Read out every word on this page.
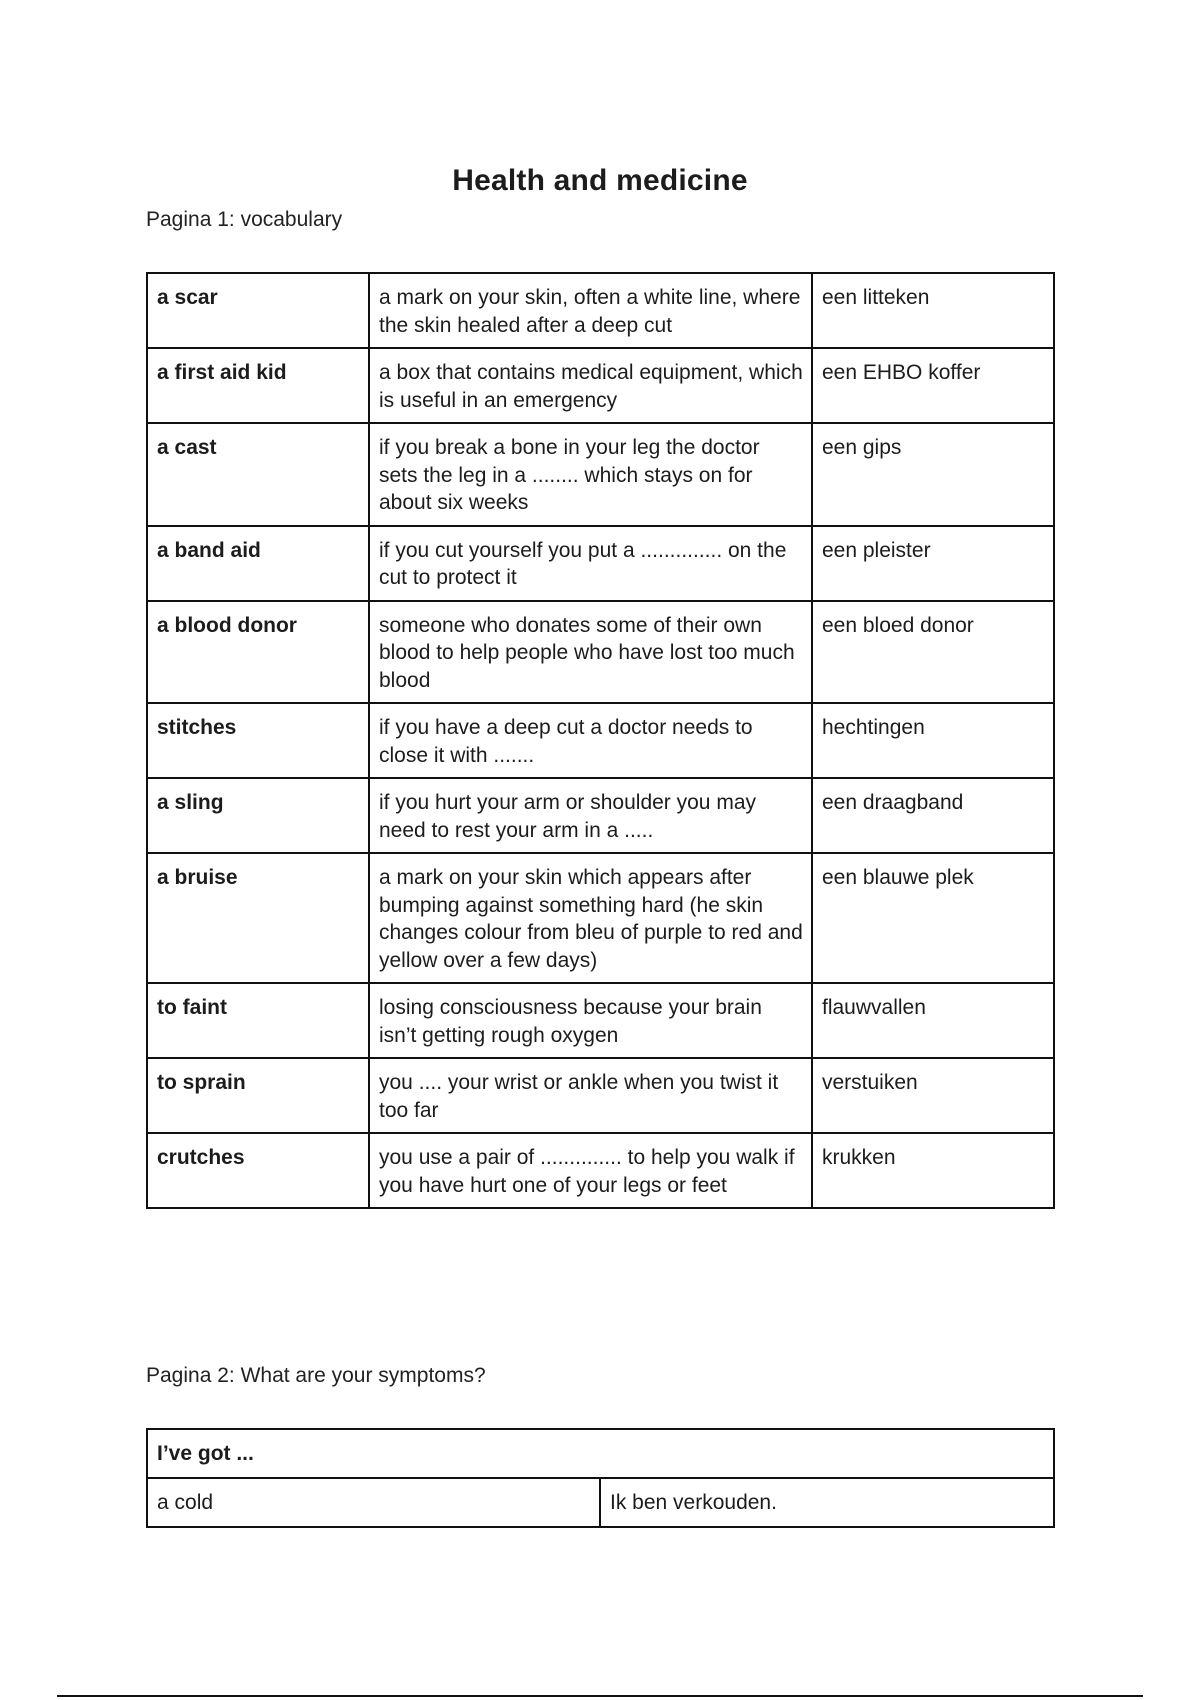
Health and medicine
Pagina 1: vocabulary
a scar	a mark on your skin, often a white line, where the skin healed after a deep cut	een litteken
a first aid kid	a box that contains medical equipment, which is useful in an emergency	een EHBO koffer
a cast	if you break a bone in your leg the doctor sets the leg in a ........ which stays on for about six weeks	een gips
a band aid	if you cut yourself you put a .............. on the cut to protect it	een pleister
a blood donor	someone who donates some of their own blood to help people who have lost too much blood	een bloed donor
stitches	if you have a deep cut a doctor needs to close it with .......	hechtingen
a sling	if you hurt your arm or shoulder you may need to rest your arm in a .....	een draagband
a bruise	a mark on your skin which appears after bumping against something hard (he skin changes colour from bleu of purple to red and yellow over a few days)	een blauwe plek
to faint	losing consciousness because your brain isn’t getting rough oxygen	flauwvallen
to sprain	you .... your wrist or ankle when you twist it too far	verstuiken
crutches	you use a pair of .............. to help you walk if you have hurt one of your legs or feet	krukken
Pagina 2: What are your symptoms?
I’ve got ...
a cold	Ik ben verkouden.
